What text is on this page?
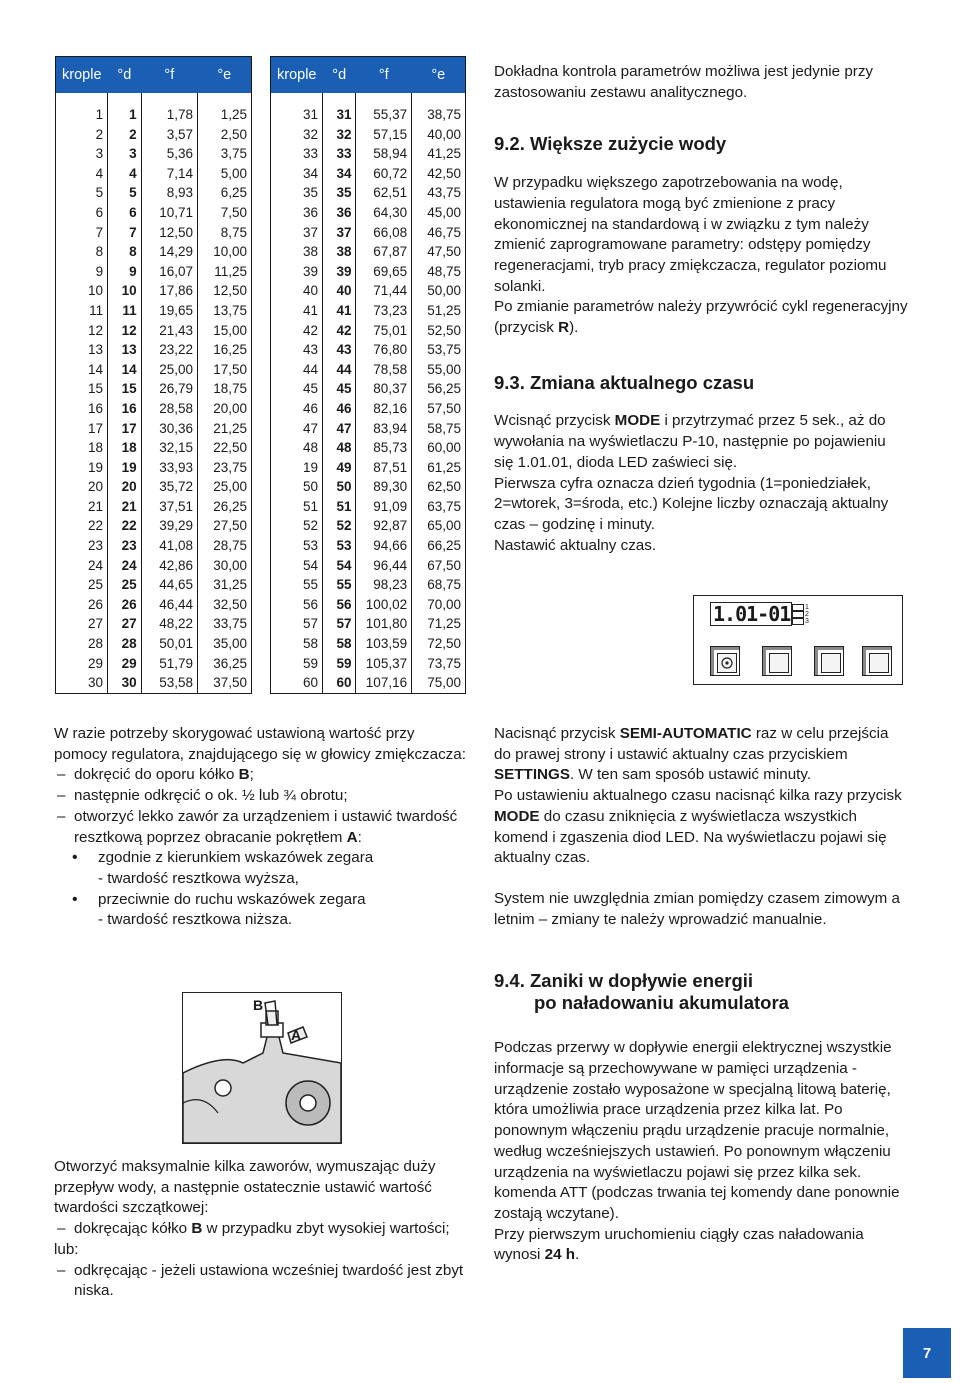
krople	°d	°f	°e
1	1	1,78	1,25
2	2	3,57	2,50
3	3	5,36	3,75
4	4	7,14	5,00
5	5	8,93	6,25
6	6	10,71	7,50
7	7	12,50	8,75
8	8	14,29	10,00
9	9	16,07	11,25
10	10	17,86	12,50
11	11	19,65	13,75
12	12	21,43	15,00
13	13	23,22	16,25
14	14	25,00	17,50
15	15	26,79	18,75
16	16	28,58	20,00
17	17	30,36	21,25
18	18	32,15	22,50
19	19	33,93	23,75
20	20	35,72	25,00
21	21	37,51	26,25
22	22	39,29	27,50
23	23	41,08	28,75
24	24	42,86	30,00
25	25	44,65	31,25
26	26	46,44	32,50
27	27	48,22	33,75
28	28	50,01	35,00
29	29	51,79	36,25
30	30	53,58	37,50
krople	°d	°f	°e
31	31	55,37	38,75
32	32	57,15	40,00
33	33	58,94	41,25
34	34	60,72	42,50
35	35	62,51	43,75
36	36	64,30	45,00
37	37	66,08	46,75
38	38	67,87	47,50
39	39	69,65	48,75
40	40	71,44	50,00
41	41	73,23	51,25
42	42	75,01	52,50
43	43	76,80	53,75
44	44	78,58	55,00
45	45	80,37	56,25
46	46	82,16	57,50
47	47	83,94	58,75
48	48	85,73	60,00
19	49	87,51	61,25
50	50	89,30	62,50
51	51	91,09	63,75
52	52	92,87	65,00
53	53	94,66	66,25
54	54	96,44	67,50
55	55	98,23	68,75
56	56	100,02	70,00
57	57	101,80	71,25
58	58	103,59	72,50
59	59	105,37	73,75
60	60	107,16	75,00

Dokładna kontrola parametrów możliwa jest jedynie przy zastosowaniu zestawu analitycznego.

9.2. Większe zużycie wody

W przypadku większego zapotrzebowania na wodę, ustawienia regulatora mogą być zmienione z pracy ekonomicznej na standardową i w związku z tym należy zmienić zaprogramowane parametry: odstępy pomiędzy regeneracjami, tryb pracy zmiękczacza, regulator poziomu solanki.

Po zmianie parametrów należy przywrócić cykl regeneracyjny (przycisk R).

9.3. Zmiana aktualnego czasu

Wcisnąć przycisk MODE i przytrzymać przez 5 sek., aż do wywołania na wyświetlaczu P-10, następnie po pojawieniu się 1.01.01, dioda LED zaświeci się.

Pierwsza cyfra oznacza dzień tygodnia (1=poniedziałek, 2=wtorek, 3=środa, etc.) Kolejne liczby oznaczają aktualny czas – godzinę i minuty.

Nastawić aktualny czas.

1.01-01 1
2
3

W razie potrzeby skorygować ustawioną wartość przy pomocy regulatora, znajdującego się w głowicy zmiękczacza:

– dokręcić do oporu kółko B;

– następnie odkręcić o ok. ½ lub ¾ obrotu;

– otworzyć lekko zawór za urządzeniem i ustawić twardość resztkową poprzez obracanie pokrętłem A:

• zgodnie z kierunkiem wskazówek zegara

- twardość resztkowa wyższa,

• przeciwnie do ruchu wskazówek zegara

- twardość resztkowa niższa.

B
A

Otworzyć maksymalnie kilka zaworów, wymuszając duży przepływ wody, a następnie ostatecznie ustawić wartość twardości szczątkowej:

– dokręcając kółko B w przypadku zbyt wysokiej wartości;

lub:

– odkręcając - jeżeli ustawiona wcześniej twardość jest zbyt niska.

Nacisnąć przycisk SEMI-AUTOMATIC raz w celu przejścia do prawej strony i ustawić aktualny czas przyciskiem SETTINGS. W ten sam sposób ustawić minuty.

Po ustawieniu aktualnego czasu nacisnąć kilka razy przycisk MODE do czasu zniknięcia z wyświetlacza wszystkich komend i zgaszenia diod LED. Na wyświetlaczu pojawi się aktualny czas.

System nie uwzględnia zmian pomiędzy czasem zimowym a letnim – zmiany te należy wprowadzić manualnie.

9.4. Zaniki w dopływie energii
po naładowaniu akumulatora

Podczas przerwy w dopływie energii elektrycznej wszystkie informacje są przechowywane w pamięci urządzenia - urządzenie zostało wyposażone w specjalną litową baterię, która umożliwia prace urządzenia przez kilka lat. Po ponownym włączeniu prądu urządzenie pracuje normalnie, według wcześniejszych ustawień. Po ponownym włączeniu urządzenia na wyświetlaczu pojawi się przez kilka sek. komenda ATT (podczas trwania tej komendy dane ponownie zostają wczytane).

Przy pierwszym uruchomieniu ciągły czas naładowania wynosi 24 h.

7
